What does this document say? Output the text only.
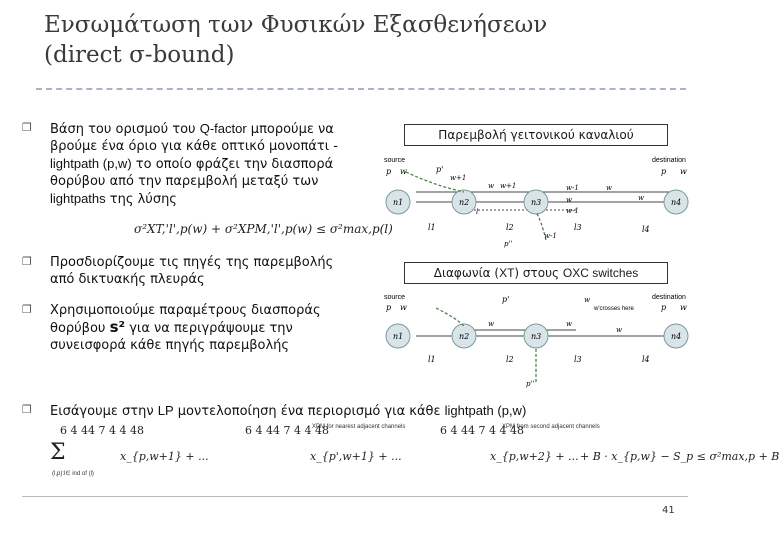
Ενσωμάτωση των Φυσικών Εξασθενήσεων
(direct σ-bound)
❐ Βάση του ορισμού του Q-factor μπορούμε να βρούμε ένα όριο για κάθε οπτικό μονοπάτι - lightpath (p,w) το οποίο φράζει την διασπορά θορύβου από την παρεμβολή μεταξύ των lightpaths της λύσης
σ²XT,'l',p(w) + σ²XPM,'l',p(w) ≤ σ²max,p(l)
❐ Προσδιορίζουμε τις πηγές της παρεμβολής από δικτυακής πλευράς
❐ Χρησιμοποιούμε παραμέτρους διασποράς θορύβου s² για να περιγράψουμε την συνεισφορά κάθε πηγής παρεμβολής
❐ Εισάγουμε στην LP μοντελοποίηση ένα περιορισμό για κάθε lightpath (p,w)
Παρεμβολή γειτονικού καναλιού
Διαφωνία (XT) στους OXC switches
source	destination
n1	n2	n3	n4
p w	p'
w+1
w w+1	w-1
w
w-1
w
w
p w
l1	l2	l3	l4
p''
w-1
l
source	destination
w'crosses here
n1	n2	n3	n4
p w
p'	w
w	w
w
p w
l1	l2	l3	l4
p''
6 4 44 7 4 4 48	6 4 44 7 4 4 48	6 4 44 7 4 4 48
XPM for nearest adjacent channels	XPM from second adjacent channels
Σ
(l,p):l∈ ind of (l)
x_{p,w+1} + ...	x_{p',w+1} + ...	x_{p,w+2} + ... + B · x_{p,w} − S_p ≤ σ²max,p + B
41
